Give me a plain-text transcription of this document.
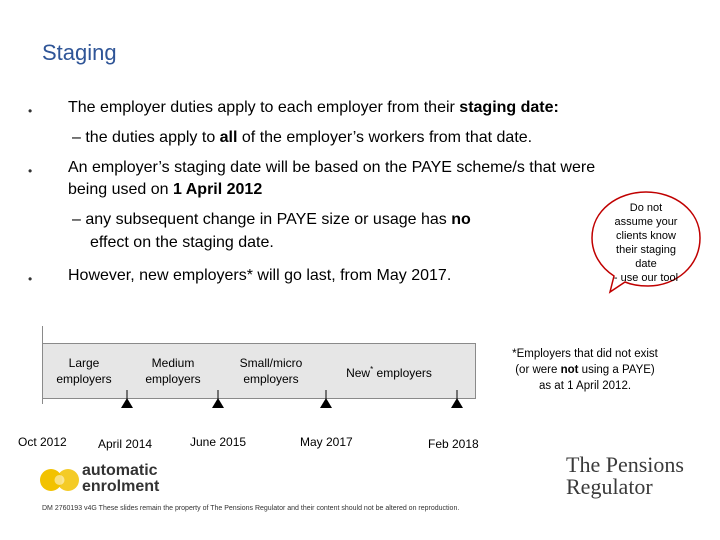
Staging
• The employer duties apply to each employer from their staging date:
– the duties apply to all of the employer’s workers from that date.
• An employer’s staging date will be based on the PAYE scheme/s that were
being used on 1 April 2012
– any subsequent change in PAYE size or usage has no
effect on the staging date.
• However, new employers* will go last, from May 2017.
Do not
assume your
clients know
their staging
date
- use our tool
Large
employers
Medium
employers
Small/micro
employers	New* employers
Oct 2012	April 2014	June 2015	May 2017	Feb 2018
*Employers that did not exist
(or were not using a PAYE)
as at 1 April 2012.
automatic
enrolment
The Pensions
Regulator
DM 2760193 v4G These slides remain the property of The Pensions Regulator and their content should not be altered on reproduction.
